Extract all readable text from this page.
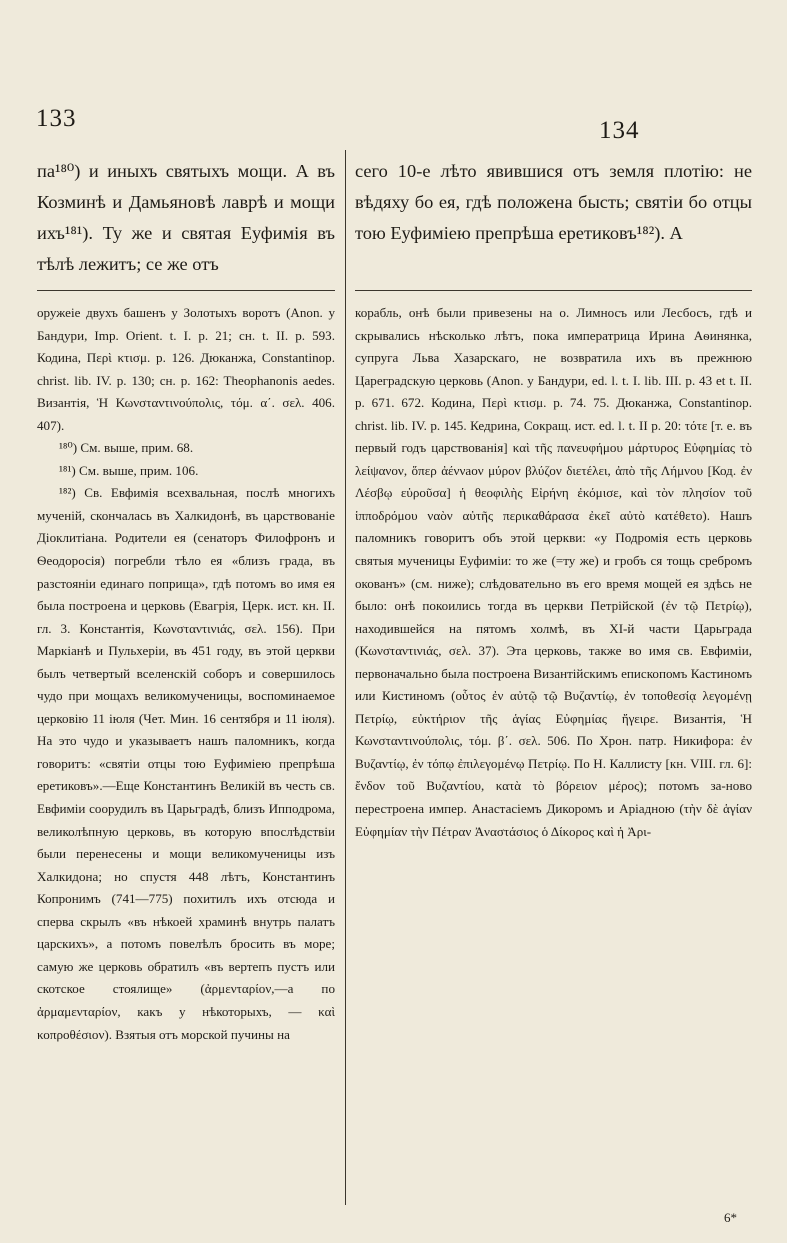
133	134

па¹⁸⁰) и иныхъ святыхъ мощи. А въ Козминѣ и Дамьяновѣ лаврѣ и мощи ихъ¹⁸¹). Ту же и святая Еуфимія въ тѣлѣ лежитъ; се же отъ

оружеіе двухъ башенъ у Золотыхъ воротъ (Anon. у Бандури, Imp. Orient. t. I. p. 21; сн. t. II. p. 593. Кодина, Περὶ κτισμ. p. 126. Дюканжа, Constantinop. christ. lib. IV. p. 130; сн. p. 162: Theophanonis aedes. Византія, Ἡ Κωνσταντινούπολις, τόμ. α΄. σελ. 406. 407).

¹⁸⁰) См. выше, прим. 68.

¹⁸¹) См. выше, прим. 106.

¹⁸²) Св. Евфимія всехвальная, послѣ многихъ мученій, скончалась въ Халкидонѣ, въ царствованіе Діоклитіана. Родители ея (сенаторъ Филофронъ и Ѳеодоросія) погребли тѣло ея «близъ града, въ разстояніи единаго поприща», гдѣ потомъ во имя ея была построена и церковь (Евагрія, Церк. ист. кн. II. гл. 3. Константія, Κωνσταντινιάς, σελ. 156). При Маркіанѣ и Пульхеріи, въ 451 году, въ этой церкви былъ четвертый вселенскій соборъ и совершилось чудо при мощахъ великомученицы, воспоминаемое церковію 11 іюля (Чет. Мин. 16 сентября и 11 іюля). На это чудо и указываетъ нашъ паломникъ, когда говоритъ: «святіи отцы тою Еуфиміею препрѣша еретиковъ».—Еще Константинъ Великій въ честь св. Евфиміи соорудилъ въ Царьградѣ, близъ Ипподрома, великолѣпную церковь, въ которую впослѣдствіи были перенесены и мощи великомученицы изъ Халкидона; но спустя 448 лѣтъ, Константинъ Копронимъ (741—775) похитилъ ихъ отсюда и сперва скрылъ «въ нѣкоей храминѣ внутрь палатъ царскихъ», а потомъ повелѣлъ бросить въ море; самую же церковь обратилъ «въ вертепъ пустъ или скотское стоялище» (ἀρμενταρίον,—а по ἀρμαμενταρίον, какъ у нѣкоторыхъ, — καὶ κοπροθέσιον). Взятыя отъ морской пучины на

сего 10-е лѣто явившися отъ земля плотію: не вѣдяху бо ея, гдѣ положена бысть; святіи бо отцы тою Еуфиміею препрѣша еретиковъ¹⁸²). А

корабль, онѣ были привезены на о. Лимносъ или Лесбосъ, гдѣ и скрывались нѣсколько лѣтъ, пока императрица Ирина Аѳинянка, супруга Льва Хазарскаго, не возвратила ихъ въ прежнюю Цареградскую церковь (Anon. у Бандури, ed. l. t. I. lib. III. p. 43 et t. II. p. 671. 672. Кодина, Περὶ κτισμ. p. 74. 75. Дюканжа, Constantinop. christ. lib. IV. p. 145. Кедрина, Сокращ. ист. ed. l. t. II p. 20: τότε [т. е. въ первый годъ царствованія] καὶ τῆς πανευφήμου μάρτυρος Εὐφημίας τὸ λείψανον, ὅπερ ἀέννaον μύρον βλύζον διετέλει, ἀπὸ τῆς Λήμνου [Код. ἐν Λέσβῳ εὑροῦσα] ἡ θεοφιλὴς Εἰρήνη ἐκόμισε, καὶ τὸν πλησίον τοῦ ἱπποδρόμου ναὸν αὐτῆς περικαθάρασα ἐκεῖ αὐτὸ κατέθετο). Нашъ паломникъ говоритъ объ этой церкви: «у Подромія есть церковь святыя мученицы Еуфиміи: то же (=ту же) и гробъ ся тощь сребромъ окованъ» (см. ниже); слѣдовательно въ его время мощей ея здѣсь не было: онѣ покоились тогда въ церкви Петрійской (ἐν τῷ Πετρίῳ), находившейся на пятомъ холмѣ, въ XI-й части Царьграда (Κωνσταντινιάς, σελ. 37). Эта церковь, также во имя св. Евфиміи, первоначально была построена Византійскимъ епископомъ Кастиномъ или Кистиномъ (οὗτος ἐν αὐτῷ τῷ Βυζαντίῳ, ἐν τοποθεσίᾳ λεγομένῃ Πετρίῳ, εὐκτήριον τῆς ἁγίας Εὐφημίας ἤγειρε. Византія, Ἡ Κωνσταντινούπολις, τόμ. β΄. σελ. 506. По Хрон. патр. Никифора: ἐν Βυζαντίῳ, ἐν τόπῳ ἐπιλεγομένῳ Πετρίῳ. По Н. Каллисту [кн. VIII. гл. 6]: ἔνδον τοῦ Βυζαντίου, κατὰ τὸ βόρειον μέρος); потомъ за-ново перестроена импер. Анастасіемъ Дикоромъ и Аріадною (τὴν δὲ ἁγίαν Εὐφημίαν τὴν Πέτραν Ἀναστάσιος ὁ Δίκορος καὶ ἡ Ἀρι-

6*
